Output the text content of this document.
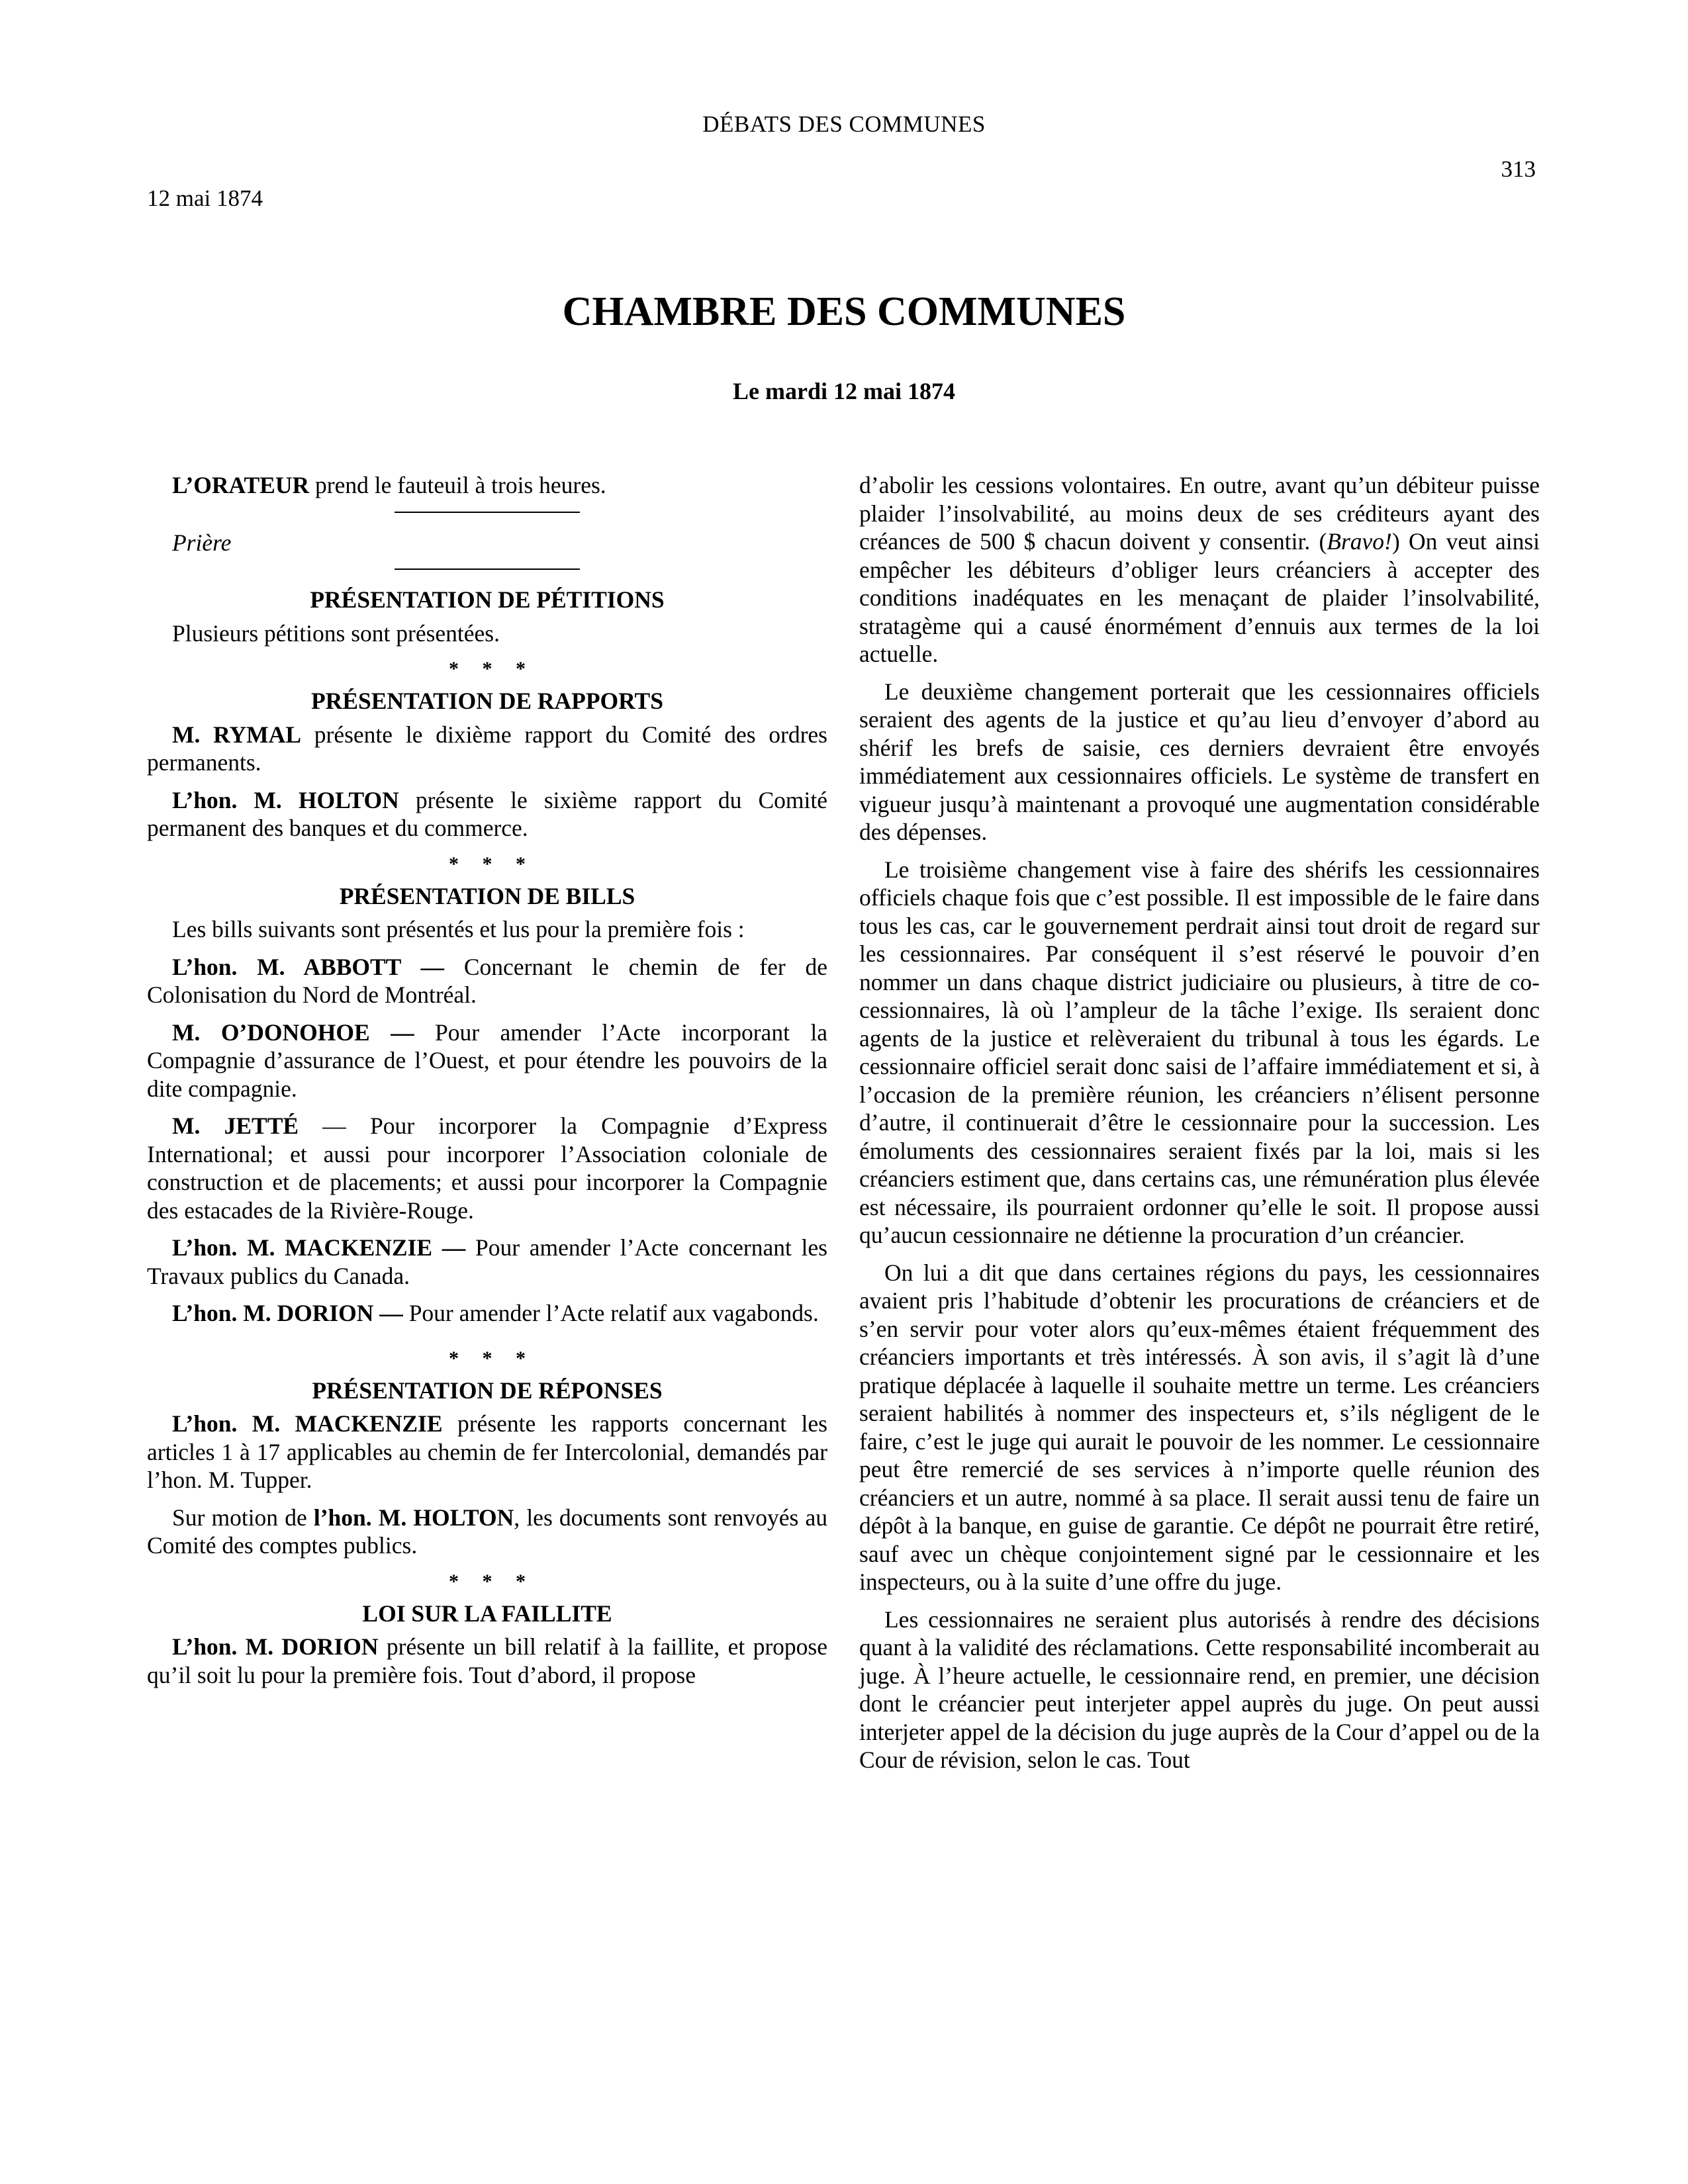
DÉBATS DES COMMUNES
313
12 mai 1874
CHAMBRE DES COMMUNES
Le mardi 12 mai 1874

L’ORATEUR prend le fauteuil à trois heures.

Prière

PRÉSENTATION DE PÉTITIONS

Plusieurs pétitions sont présentées.

* * *
PRÉSENTATION DE RAPPORTS

M. RYMAL présente le dixième rapport du Comité des ordres permanents.

L’hon. M. HOLTON présente le sixième rapport du Comité permanent des banques et du commerce.

* * *
PRÉSENTATION DE BILLS

Les bills suivants sont présentés et lus pour la première fois :

L’hon. M. ABBOTT — Concernant le chemin de fer de Colonisation du Nord de Montréal.

M. O’DONOHOE — Pour amender l’Acte incorporant la Compagnie d’assurance de l’Ouest, et pour étendre les pouvoirs de la dite compagnie.

M. JETTÉ — Pour incorporer la Compagnie d’Express International; et aussi pour incorporer l’Association coloniale de construction et de placements; et aussi pour incorporer la Compagnie des estacades de la Rivière-Rouge.

L’hon. M. MACKENZIE — Pour amender l’Acte concernant les Travaux publics du Canada.

L’hon. M. DORION — Pour amender l’Acte relatif aux vagabonds.

* * *
PRÉSENTATION DE RÉPONSES

L’hon. M. MACKENZIE présente les rapports concernant les articles 1 à 17 applicables au chemin de fer Intercolonial, demandés par l’hon. M. Tupper.

Sur motion de l’hon. M. HOLTON, les documents sont renvoyés au Comité des comptes publics.

* * *
LOI SUR LA FAILLITE

L’hon. M. DORION présente un bill relatif à la faillite, et propose qu’il soit lu pour la première fois. Tout d’abord, il propose

d’abolir les cessions volontaires. En outre, avant qu’un débiteur puisse plaider l’insolvabilité, au moins deux de ses créditeurs ayant des créances de 500 $ chacun doivent y consentir. (Bravo!) On veut ainsi empêcher les débiteurs d’obliger leurs créanciers à accepter des conditions inadéquates en les menaçant de plaider l’insolvabilité, stratagème qui a causé énormément d’ennuis aux termes de la loi actuelle.

Le deuxième changement porterait que les cessionnaires officiels seraient des agents de la justice et qu’au lieu d’envoyer d’abord au shérif les brefs de saisie, ces derniers devraient être envoyés immédiatement aux cessionnaires officiels. Le système de transfert en vigueur jusqu’à maintenant a provoqué une augmentation considérable des dépenses.

Le troisième changement vise à faire des shérifs les cessionnaires officiels chaque fois que c’est possible. Il est impossible de le faire dans tous les cas, car le gouvernement perdrait ainsi tout droit de regard sur les cessionnaires. Par conséquent il s’est réservé le pouvoir d’en nommer un dans chaque district judiciaire ou plusieurs, à titre de co-cessionnaires, là où l’ampleur de la tâche l’exige. Ils seraient donc agents de la justice et relèveraient du tribunal à tous les égards. Le cessionnaire officiel serait donc saisi de l’affaire immédiatement et si, à l’occasion de la première réunion, les créanciers n’élisent personne d’autre, il continuerait d’être le cessionnaire pour la succession. Les émoluments des cessionnaires seraient fixés par la loi, mais si les créanciers estiment que, dans certains cas, une rémunération plus élevée est nécessaire, ils pourraient ordonner qu’elle le soit. Il propose aussi qu’aucun cessionnaire ne détienne la procuration d’un créancier.

On lui a dit que dans certaines régions du pays, les cessionnaires avaient pris l’habitude d’obtenir les procurations de créanciers et de s’en servir pour voter alors qu’eux-mêmes étaient fréquemment des créanciers importants et très intéressés. À son avis, il s’agit là d’une pratique déplacée à laquelle il souhaite mettre un terme. Les créanciers seraient habilités à nommer des inspecteurs et, s’ils négligent de le faire, c’est le juge qui aurait le pouvoir de les nommer. Le cessionnaire peut être remercié de ses services à n’importe quelle réunion des créanciers et un autre, nommé à sa place. Il serait aussi tenu de faire un dépôt à la banque, en guise de garantie. Ce dépôt ne pourrait être retiré, sauf avec un chèque conjointement signé par le cessionnaire et les inspecteurs, ou à la suite d’une offre du juge.

Les cessionnaires ne seraient plus autorisés à rendre des décisions quant à la validité des réclamations. Cette responsabilité incomberait au juge. À l’heure actuelle, le cessionnaire rend, en premier, une décision dont le créancier peut interjeter appel auprès du juge. On peut aussi interjeter appel de la décision du juge auprès de la Cour d’appel ou de la Cour de révision, selon le cas. Tout
